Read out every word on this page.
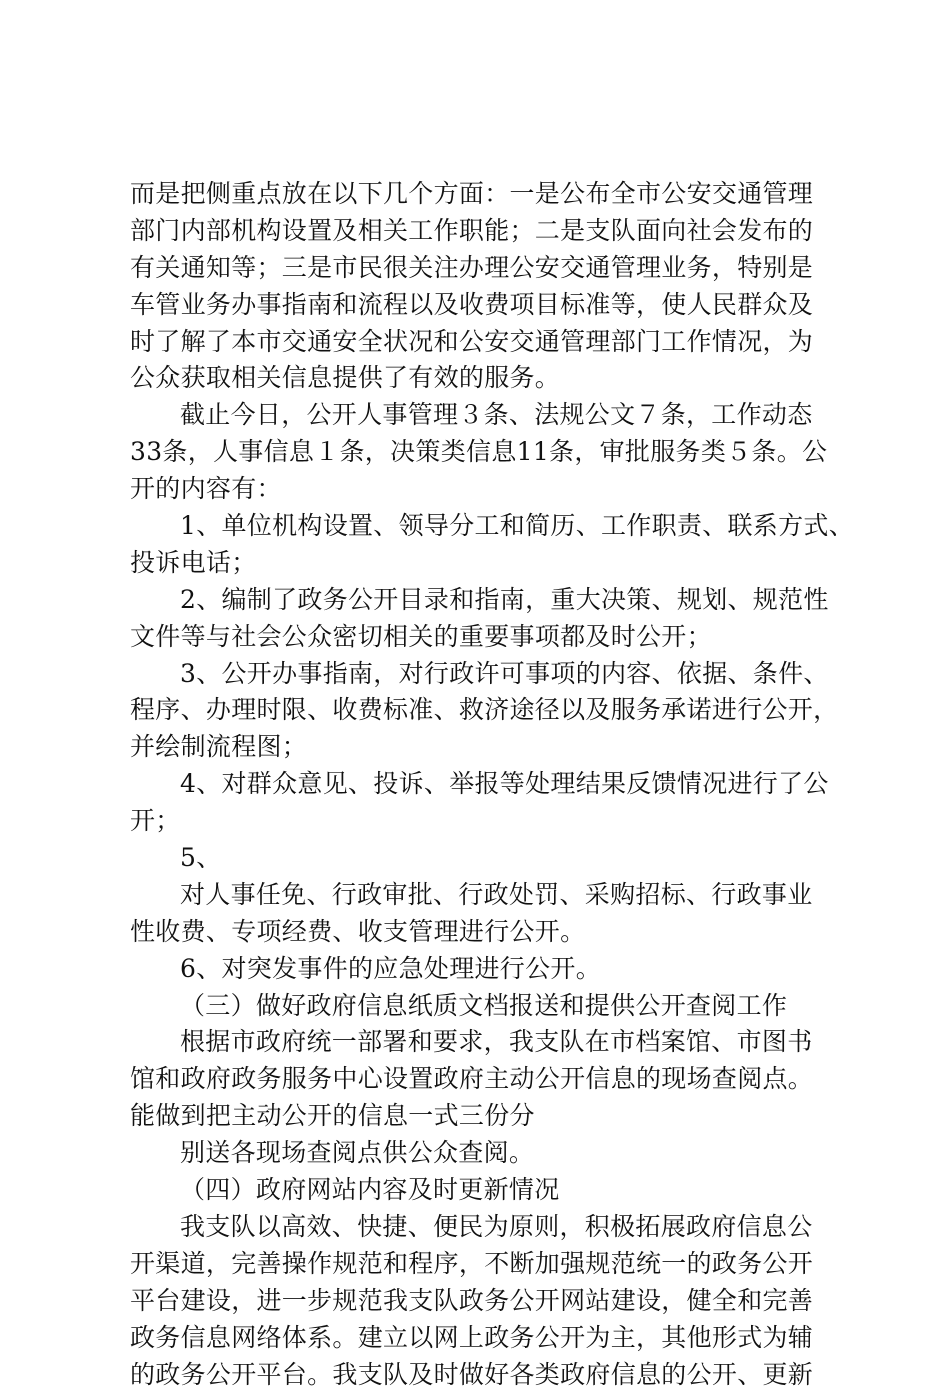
而是把侧重点放在以下几个方面：一是公布全市公安交通管理
部门内部机构设置及相关工作职能；二是支队面向社会发布的
有关通知等；三是市民很关注办理公安交通管理业务，特别是
车管业务办事指南和流程以及收费项目标准等，使人民群众及
时了解了本市交通安全状况和公安交通管理部门工作情况，为
公众获取相关信息提供了有效的服务。
截止今日，公开人事管理３条、法规公文７条，工作动态
33条，人事信息１条，决策类信息11条，审批服务类５条。公
开的内容有：
1、单位机构设置、领导分工和简历、工作职责、联系方式、
投诉电话；
2、编制了政务公开目录和指南，重大决策、规划、规范性
文件等与社会公众密切相关的重要事项都及时公开；
3、公开办事指南，对行政许可事项的内容、依据、条件、
程序、办理时限、收费标准、救济途径以及服务承诺进行公开，
并绘制流程图；
4、对群众意见、投诉、举报等处理结果反馈情况进行了公
开；
5、
对人事任免、行政审批、行政处罚、采购招标、行政事业
性收费、专项经费、收支管理进行公开。
6、对突发事件的应急处理进行公开。
（三）做好政府信息纸质文档报送和提供公开查阅工作
根据市政府统一部署和要求，我支队在市档案馆、市图书
馆和政府政务服务中心设置政府主动公开信息的现场查阅点。
能做到把主动公开的信息一式三份分
别送各现场查阅点供公众查阅。
（四）政府网站内容及时更新情况
我支队以高效、快捷、便民为原则，积极拓展政府信息公
开渠道，完善操作规范和程序，不断加强规范统一的政务公开
平台建设，进一步规范我支队政务公开网站建设，健全和完善
政务信息网络体系。建立以网上政务公开为主，其他形式为辅
的政务公开平台。我支队及时做好各类政府信息的公开、更新
